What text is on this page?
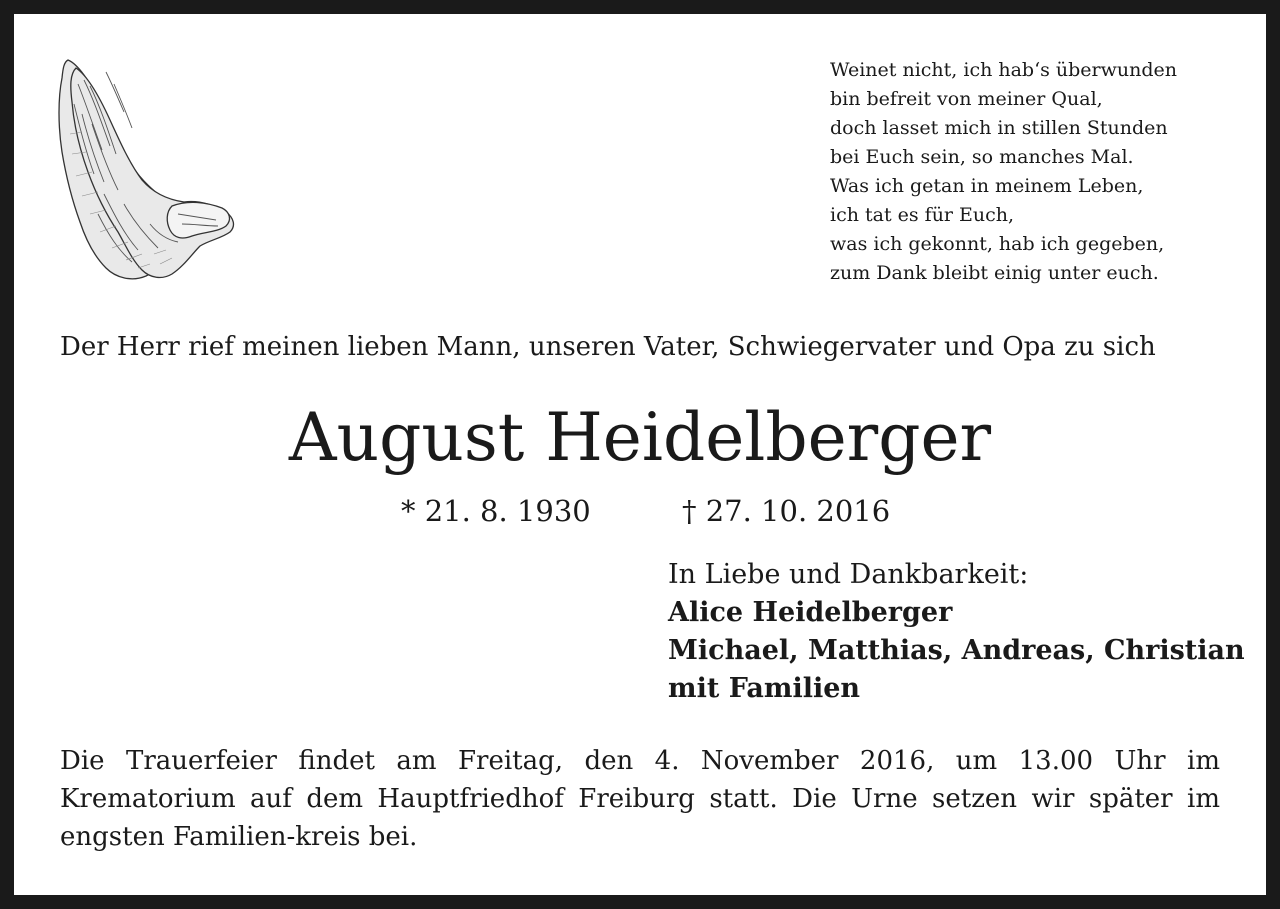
Weinet nicht, ich hab‘s überwunden
bin befreit von meiner Qual,
doch lasset mich in stillen Stunden
bei Euch sein, so manches Mal.
Was ich getan in meinem Leben,
ich tat es für Euch,
was ich gekonnt, hab ich gegeben,
zum Dank bleibt einig unter euch.
Der Herr rief meinen lieben Mann, unseren Vater, Schwiegervater und Opa zu sich
August Heidelberger
* 21. 8. 1930	† 27. 10. 2016
In Liebe und Dankbarkeit:
Alice Heidelberger
Michael, Matthias, Andreas, Christian
mit Familien
Die Trauerfeier findet am Freitag, den 4. November 2016, um 13.00 Uhr im Krematorium auf dem Hauptfriedhof Freiburg statt. Die Urne setzen wir später im engsten Familien-kreis bei.
